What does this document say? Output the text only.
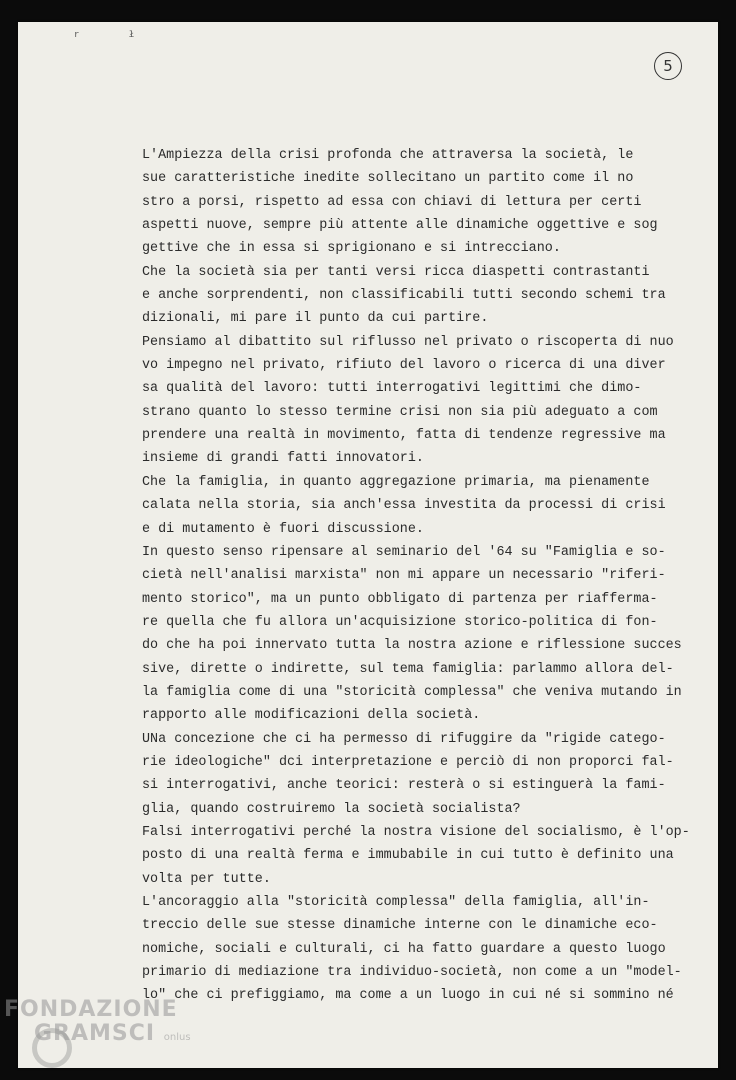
r ł
5
L'Ampiezza della crisi profonda che attraversa la società, le
sue caratteristiche inedite sollecitano un partito come il no
stro a porsi, rispetto ad essa con chiavi di lettura per certi
aspetti nuove, sempre più attente alle dinamiche oggettive e sog
gettive che in essa si sprigionano e si intrecciano.
Che la società sia per tanti versi ricca diaspetti contrastanti
e anche sorprendenti, non classificabili tutti secondo schemi tra
dizionali, mi pare il punto da cui partire.
Pensiamo al dibattito sul riflusso nel privato o riscoperta di nuo
vo impegno nel privato, rifiuto del lavoro o ricerca di una diver
sa qualità del lavoro: tutti interrogativi legittimi che dimo-
strano quanto lo stesso termine crisi non sia più adeguato a com
prendere una realtà in movimento, fatta di tendenze regressive ma
insieme di grandi fatti innovatori.
Che la famiglia, in quanto aggregazione primaria, ma pienamente
calata nella storia, sia anch'essa investita da processi di crisi
e di mutamento è fuori discussione.
In questo senso ripensare al seminario del '64 su "Famiglia e so-
cietà nell'analisi marxista" non mi appare un necessario "riferi-
mento storico", ma un punto obbligato di partenza per riafferma-
re quella che fu allora un'acquisizione storico-politica di fon-
do che ha poi innervato tutta la nostra azione e riflessione succes
sive, dirette o indirette, sul tema famiglia: parlammo allora del-
la famiglia come di una "storicità complessa" che veniva mutando in
rapporto alle modificazioni della società.
UNa concezione che ci ha permesso di rifuggire da "rigide catego-
rie ideologiche" dci interpretazione e perciò di non proporci fal-
si interrogativi, anche teorici: resterà o si estinguerà la fami-
glia, quando costruiremo la società socialista?
Falsi interrogativi perché la nostra visione del socialismo, è l'op-
posto di una realtà ferma e immubabile in cui tutto è definito una
volta per tutte.
L'ancoraggio alla "storicità complessa" della famiglia, all'in-
treccio delle sue stesse dinamiche interne con le dinamiche eco-
nomiche, sociali e culturali, ci ha fatto guardare a questo luogo
primario di mediazione tra individuo-società, non come a un "model-
lo" che ci prefiggiamo, ma come a un luogo in cui né si sommino né
FONDAZIONE
GRAMSCI onlus
